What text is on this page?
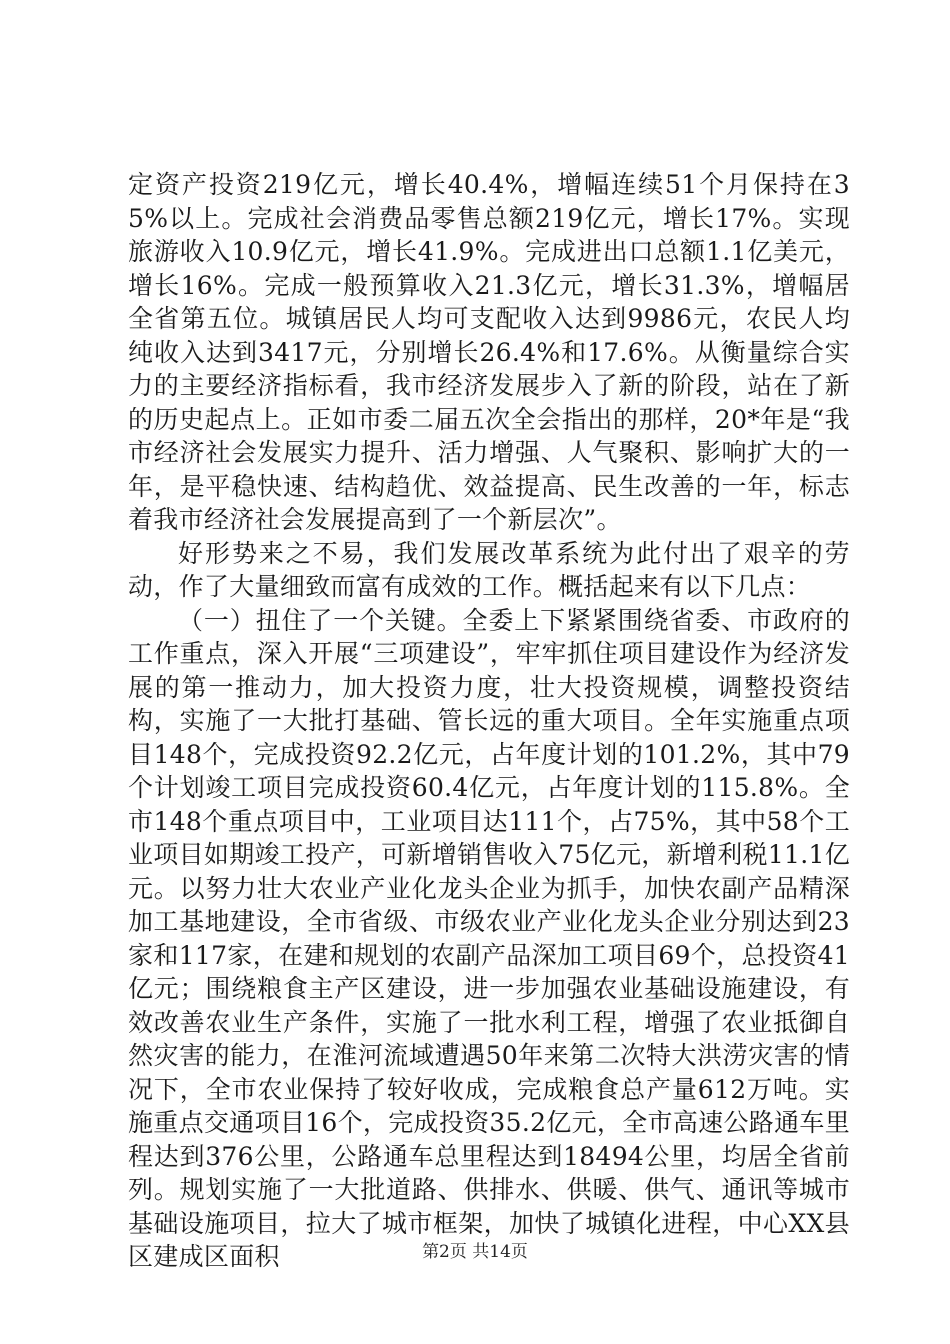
定资产投资219亿元，增长40.4%，增幅连续51个月保持在35%以上。完成社会消费品零售总额219亿元，增长17%。实现旅游收入10.9亿元，增长41.9%。完成进出口总额1.1亿美元，增长16%。完成一般预算收入21.3亿元，增长31.3%，增幅居全省第五位。城镇居民人均可支配收入达到9986元，农民人均纯收入达到3417元，分别增长26.4%和17.6%。从衡量综合实力的主要经济指标看，我市经济发展步入了新的阶段，站在了新的历史起点上。正如市委二届五次全会指出的那样，20*年是“我市经济社会发展实力提升、活力增强、人气聚积、影响扩大的一年，是平稳快速、结构趋优、效益提高、民生改善的一年，标志着我市经济社会发展提高到了一个新层次”。

好形势来之不易，我们发展改革系统为此付出了艰辛的劳动，作了大量细致而富有成效的工作。概括起来有以下几点：

（一）扭住了一个关键。全委上下紧紧围绕省委、市政府的工作重点，深入开展“三项建设”，牢牢抓住项目建设作为经济发展的第一推动力，加大投资力度，壮大投资规模，调整投资结构，实施了一大批打基础、管长远的重大项目。全年实施重点项目148个，完成投资92.2亿元，占年度计划的101.2%，其中79个计划竣工项目完成投资60.4亿元，占年度计划的115.8%。全市148个重点项目中，工业项目达111个，占75%，其中58个工业项目如期竣工投产，可新增销售收入75亿元，新增利税11.1亿元。以努力壮大农业产业化龙头企业为抓手，加快农副产品精深加工基地建设，全市省级、市级农业产业化龙头企业分别达到23家和117家，在建和规划的农副产品深加工项目69个，总投资41亿元；围绕粮食主产区建设，进一步加强农业基础设施建设，有效改善农业生产条件，实施了一批水利工程，增强了农业抵御自然灾害的能力，在淮河流域遭遇50年来第二次特大洪涝灾害的情况下，全市农业保持了较好收成，完成粮食总产量612万吨。实施重点交通项目16个，完成投资35.2亿元，全市高速公路通车里程达到376公里，公路通车总里程达到18494公里，均居全省前列。规划实施了一大批道路、供排水、供暖、供气、通讯等城市基础设施项目，拉大了城市框架，加快了城镇化进程，中心XX县区建成区面积	第2页 共14页
